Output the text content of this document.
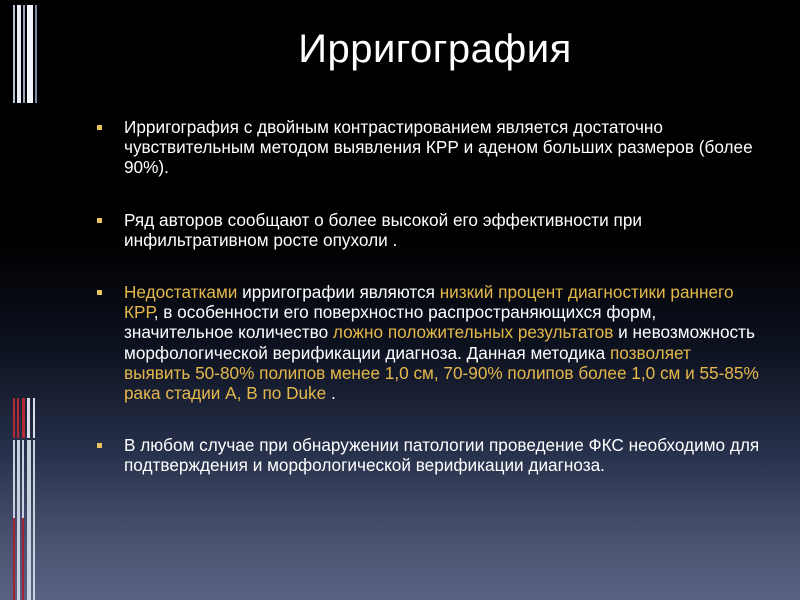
Ирригография
Ирригография с двойным контрастированием является достаточно чувствительным методом выявления КРР и аденом больших размеров (более 90%).
Ряд авторов сообщают о более высокой его эффективности при инфильтративном росте опухоли .
Недостатками ирригографии являются низкий процент диагностики раннего КРР, в особенности его поверхностно распространяющихся форм, значительное количество ложно положительных результатов и невозможность морфологической верификации диагноза. Данная методика позволяет выявить 50-80% полипов менее 1,0 см, 70-90% полипов более 1,0 см и 55-85% рака стадии А, В по Duke .
В любом случае при обнаружении патологии проведение ФКС необходимо для подтверждения и морфологической верификации диагноза.
